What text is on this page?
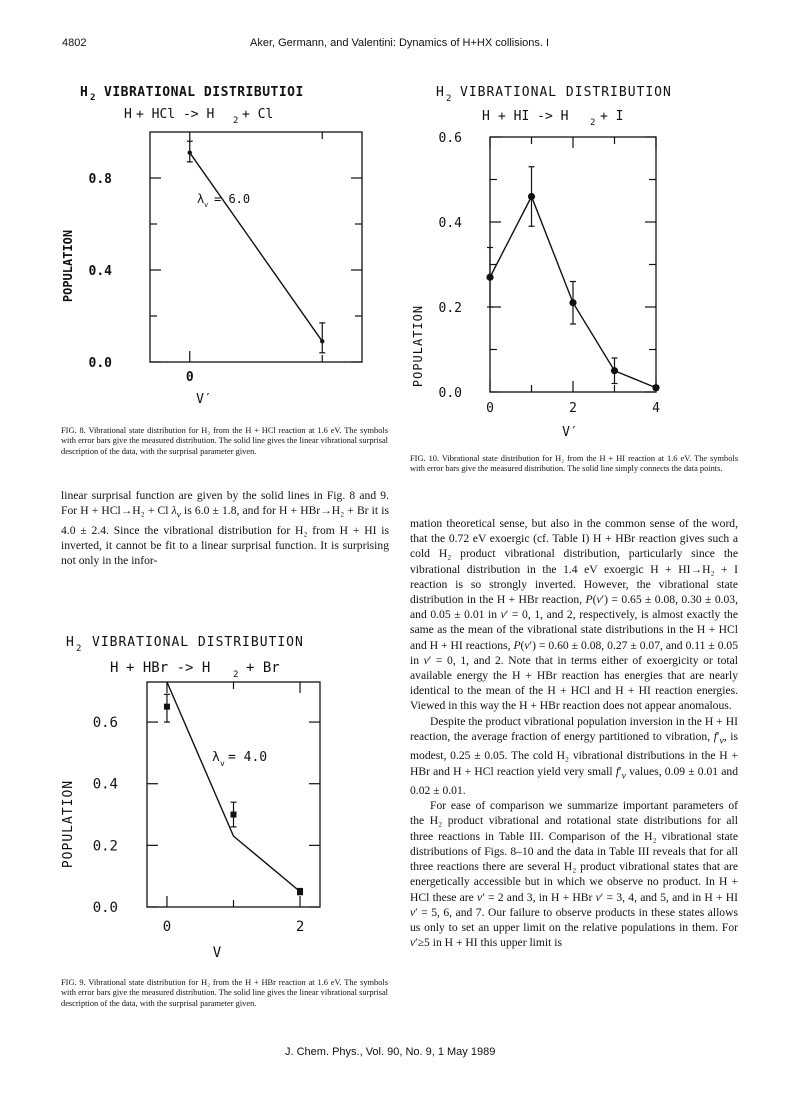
4802	Aker, Germann, and Valentini: Dynamics of H+HX collisions. I
H 2 VIBRATIONAL DISTRIBUTIOI
H + HCl -> H 2 + Cl
0.0
0.4
0.8
0
λ v = 6.0
POPULATION
V′
FIG. 8. Vibrational state distribution for H₂ from the H + HCl reaction at 1.6 eV. The symbols with error bars give the measured distribution. The solid line gives the linear vibrational surprisal description of the data, with the surprisal parameter given.
H 2 VIBRATIONAL DISTRIBUTION
H + HI -> H 2 + I
0.0
0.2
0.4
0.6
0	2	4
POPULATION
V′
FIG. 10. Vibrational state distribution for H₂ from the H + HI reaction at 1.6 eV. The symbols with error bars give the measured distribution. The solid line simply connects the data points.

linear surprisal function are given by the solid lines in Fig. 8 and 9. For H + HCl→H₂ + Cl $\lambda_v$ is 6.0 ± 1.8, and for H + HBr→H₂ + Br it is 4.0 ± 2.4. Since the vibrational distribution for H₂ from H + HI is inverted, it cannot be fit to a linear surprisal function. It is surprising not only in the infor-

H 2 VIBRATIONAL DISTRIBUTION
H + HBr -> H	2 + Br
0.0
0.2
0.4
0.6
0	2
λ v = 4.0
POPULATION
V
FIG. 9. Vibrational state distribution for H₂ from the H + HBr reaction at 1.6 eV. The symbols with error bars give the measured distribution. The solid line gives the linear vibrational surprisal description of the data, with the surprisal parameter given.

mation theoretical sense, but also in the common sense of the word, that the 0.72 eV exoergic (cf. Table I) H + HBr reaction gives such a cold H₂ product vibrational distribution, particularly since the vibrational distribution in the 1.4 eV exoergic H + HI→H₂ + I reaction is so strongly inverted. However, the vibrational state distribution in the H + HBr reaction, P(v′) = 0.65 ± 0.08, 0.30 ± 0.03, and 0.05 ± 0.01 in v′ = 0, 1, and 2, respectively, is almost exactly the same as the mean of the vibrational state distributions in the H + HCl and H + HI reactions, P(v′) = 0.60 ± 0.08, 0.27 ± 0.07, and 0.11 ± 0.05 in v′ = 0, 1, and 2. Note that in terms either of exoergicity or total available energy the H + HBr reaction has energies that are nearly identical to the mean of the H + HCl and H + HI reaction energies. Viewed in this way the H + HBr reaction does not appear anomalous.

Despite the product vibrational population inversion in the H + HI reaction, the average fraction of energy partitioned to vibration, $f'_v$, is modest, 0.25 ± 0.05. The cold H₂ vibrational distributions in the H + HBr and H + HCl reaction yield very small $f'_v$ values, 0.09 ± 0.01 and 0.02 ± 0.01.

For ease of comparison we summarize important parameters of the H₂ product vibrational and rotational state distributions for all three reactions in Table III. Comparison of the H₂ vibrational state distributions of Figs. 8–10 and the data in Table III reveals that for all three reactions there are several H₂ product vibrational states that are energetically accessible but in which we observe no product. In H + HCl these are v′ = 2 and 3, in H + HBr v′ = 3, 4, and 5, and in H + HI v′ = 5, 6, and 7. Our failure to observe products in these states allows us only to set an upper limit on the relative populations in them. For v′≥5 in H + HI this upper limit is

J. Chem. Phys., Vol. 90, No. 9, 1 May 1989
